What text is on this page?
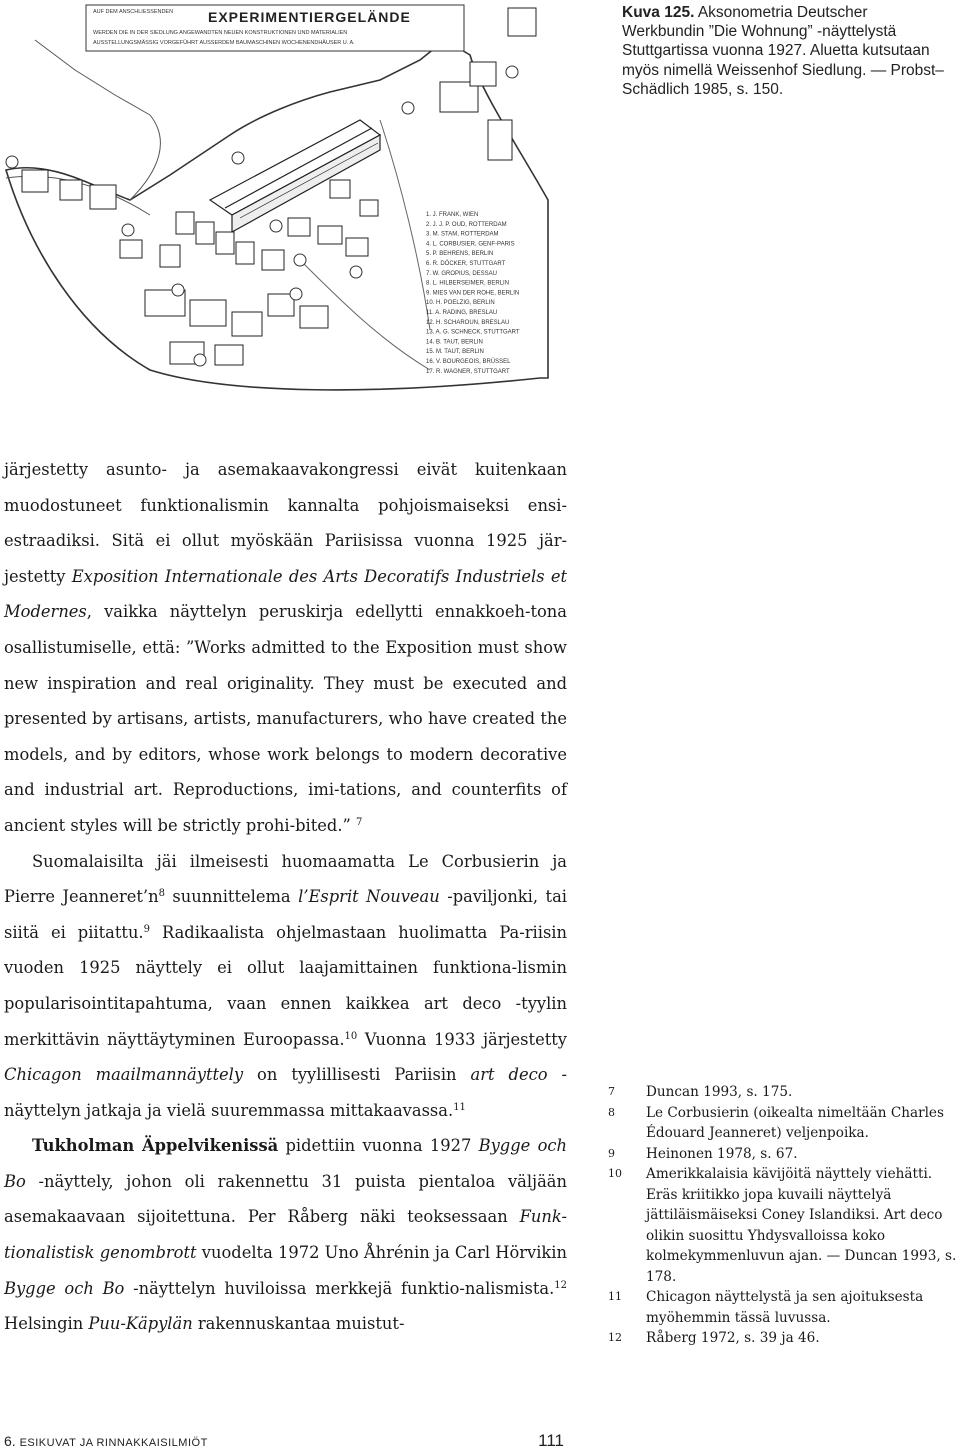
AUF DEM ANSCHLIESSENDEN EXPERIMENTIERGELÄNDE
WERDEN DIE IN DER SIEDLUNG ANGEWANDTEN NEUEN KONSTRUKTIONEN UND MATERIALIEN
AUSSTELLUNGSMÄSSIG VORGEFÜHRT AUSSERDEM BAUMASCHINEN WOCHENENDHÄUSER U. A.
1. J. FRANK, WIEN
2. J. J. P. OUD, ROTTERDAM
3. M. STAM, ROTTERDAM
4. L. CORBUSIER, GENF-PARIS
5. P. BEHRENS, BERLIN
6. R. DÖCKER, STUTTGART
7. W. GROPIUS, DESSAU
8. L. HILBERSEIMER, BERLIN
9. MIES VAN DER ROHE, BERLIN
10. H. POELZIG, BERLIN
11. A. RADING, BRESLAU
12. H. SCHAROUN, BRESLAU
13. A. G. SCHNECK, STUTTGART
14. B. TAUT, BERLIN
15. M. TAUT, BERLIN
16. V. BOURGEOIS, BRÜSSEL
17. R. WAGNER, STUTTGART
Kuva 125. Aksonometria Deutscher Werkbundin ”Die Wohnung” -näyttelystä Stuttgartissa vuonna 1927. Aluetta kutsutaan myös nimellä Weissenhof Siedlung. — Probst–Schädlich 1985, s. 150.

järjestetty asunto- ja asemakaavakongressi eivät kuitenkaan muodostuneet funktionalismin kannalta pohjoismaiseksi ensi-estraadiksi. Sitä ei ollut myöskään Pariisissa vuonna 1925 jär-jestetty Exposition Internationale des Arts Decoratifs Industriels et Modernes, vaikka näyttelyn peruskirja edellytti ennakkoeh-tona osallistumiselle, että: ”Works admitted to the Exposition must show new inspiration and real originality. They must be executed and presented by artisans, artists, manufacturers, who have created the models, and by editors, whose work belongs to modern decorative and industrial art. Reproductions, imi-tations, and counterfits of ancient styles will be strictly prohi-bited.” $^7$

Suomalaisilta jäi ilmeisesti huomaamatta Le Corbusierin ja Pierre $Jeanneret’n^8$ suunnittelema l’Esprit Nouveau -paviljonki, tai siitä ei piitattu.$^9$ Radikaalista ohjelmastaan huolimatta Pa-riisin vuoden 1925 näyttely ei ollut laajamittainen funktiona-lismin popularisointitapahtuma, vaan ennen kaikkea art deco -tyylin merkittävin näyttäytyminen Euroopassa.$^{10}$ Vuonna 1933 järjestetty Chicagon maailmannäyttely on tyylillisesti Pariisin art deco -näyttelyn jatkaja ja vielä suuremmassa mittakaavassa.$^{11}$

Tukholman Äppelvikenissä pidettiin vuonna 1927 Bygge och Bo -näyttely, johon oli rakennettu 31 puista pientaloa väljään asemakaavaan sijoitettuna. Per Råberg näki teoksessaan Funk-tionalistisk genombrott vuodelta 1972 Uno Åhrénin ja Carl Hörvikin Bygge och Bo -näyttelyn huviloissa merkkejä funktio-nalismista.$^{12}$ Helsingin Puu-Käpylän rakennuskantaa muistut-

7	Duncan 1993, s. 175.
8	Le Corbusierin (oikealta nimeltään Charles Édouard Jeanneret) veljenpoika.
9	Heinonen 1978, s. 67.
10	Amerikkalaisia kävijöitä näyttely viehätti. Eräs kriitikko jopa kuvaili näyttelyä jättiläismäiseksi Coney Islandiksi. Art deco olikin suosittu Yhdysvalloissa koko kolmekymmenluvun ajan. — Duncan 1993, s. 178.
11	Chicagon näyttelystä ja sen ajoituksesta myöhemmin tässä luvussa.
12	Råberg 1972, s. 39 ja 46.
6. ESIKUVAT JA RINNAKKAISILMIÖT	111
